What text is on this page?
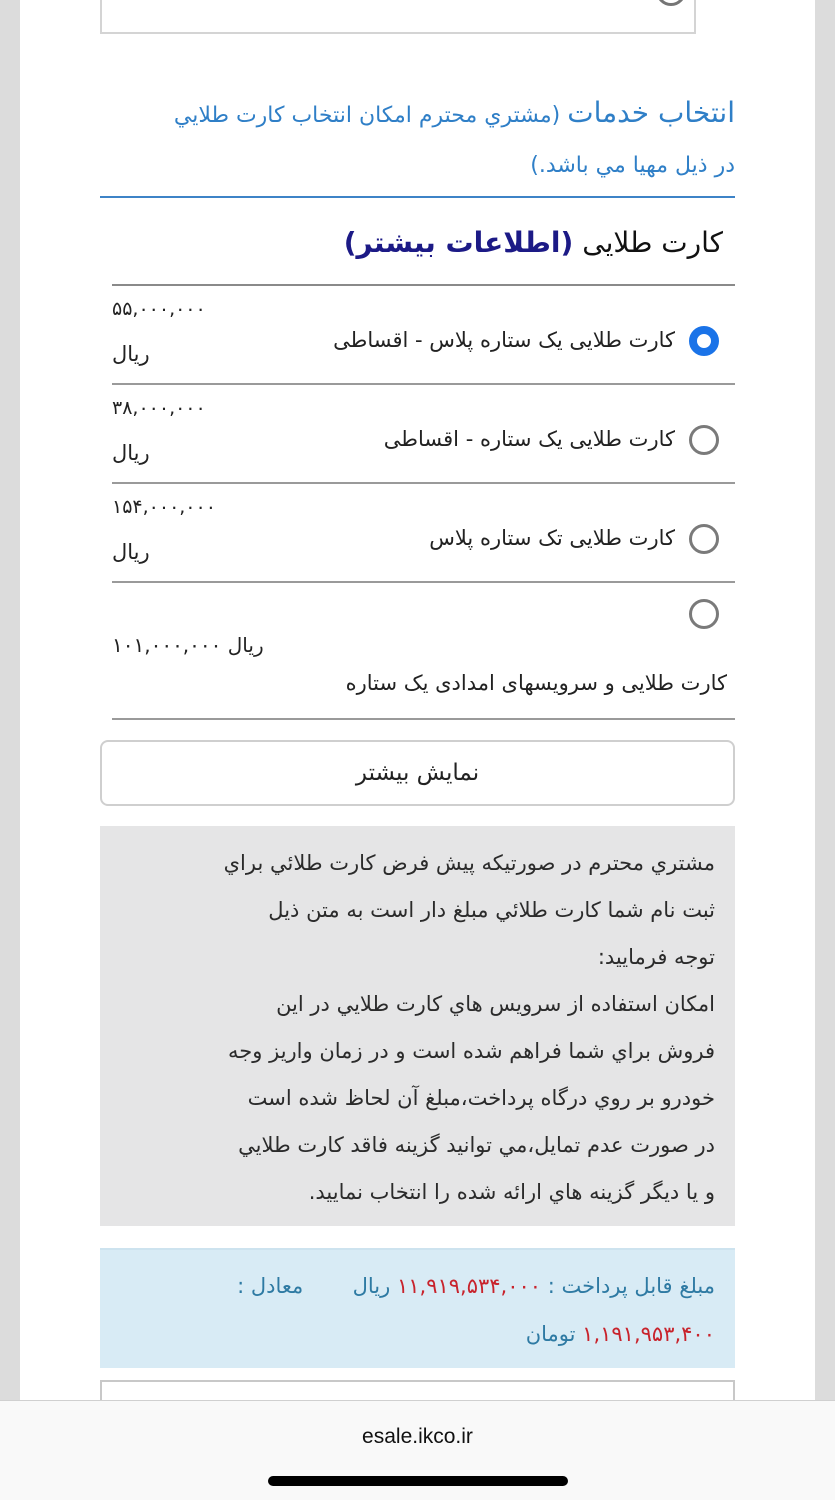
انتخاب خدمات (مشتري محترم امكان انتخاب كارت طلايي
در ذيل مهيا مي باشد.)
کارت طلایی (اطلاعات بیشتر)
کارت طلایی یک ستاره پلاس - اقساطی
۵۵,۰۰۰,۰۰۰
ریال
کارت طلایی یک ستاره - اقساطی
۳۸,۰۰۰,۰۰۰
ریال
کارت طلایی تک ستاره پلاس
۱۵۴,۰۰۰,۰۰۰
ریال
کارت طلایی و سرویسهای امدادی یک ستاره
ریال ۱۰۱,۰۰۰,۰۰۰
نمایش بیشتر
مشتري محترم در صورتيکه پيش فرض کارت طلائي براي
ثبت نام شما کارت طلائي مبلغ دار است به متن ذيل
توجه فرماييد:
امكان استفاده از سرويس هاي كارت طلايي در اين
فروش براي شما فراهم شده است و در زمان واريز وجه
خودرو بر روي درگاه پرداخت،مبلغ آن لحاظ شده است
در صورت عدم تمايل،مي توانيد گزينه فاقد كارت طلايي
و يا ديگر گزينه هاي ارائه شده را انتخاب نماييد.
مبلغ قابل پرداخت : ۱۱,۹۱۹,۵۳۴,۰۰۰ ریال  معادل :
۱,۱۹۱,۹۵۳,۴۰۰ تومان
esale.ikco.ir
